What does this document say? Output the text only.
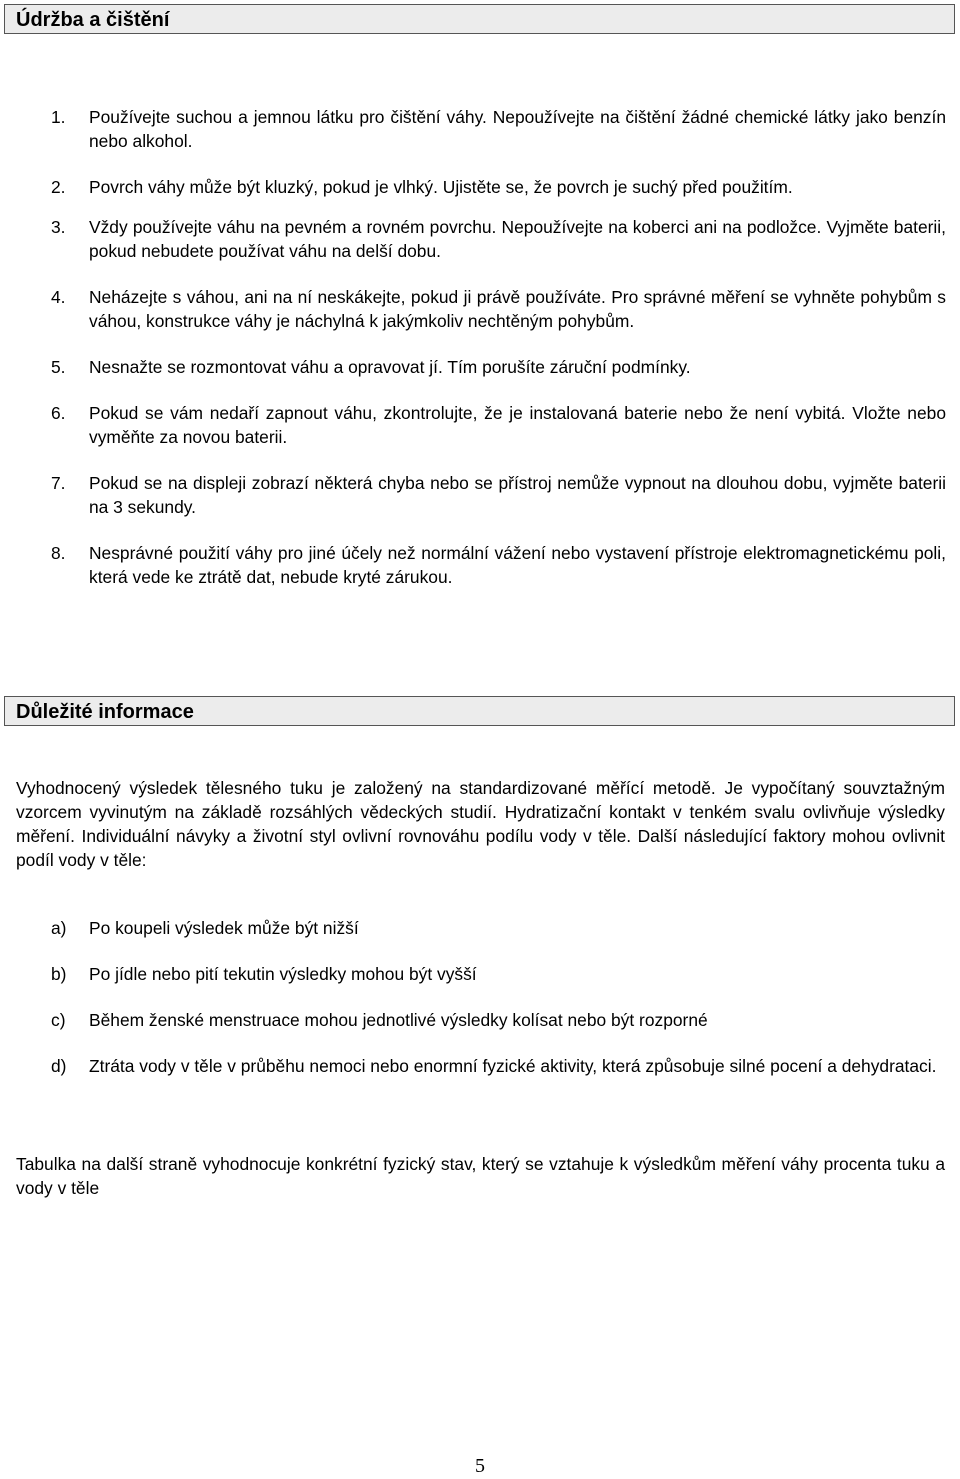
Údržba a čištění
1. Používejte suchou a jemnou látku pro čištění váhy. Nepoužívejte na čištění žádné chemické látky jako benzín nebo alkohol.
2. Povrch váhy může být kluzký, pokud je vlhký. Ujistěte se, že povrch je suchý před použitím.
3. Vždy používejte váhu na pevném a rovném povrchu. Nepoužívejte na koberci ani na podložce. Vyjměte baterii, pokud nebudete používat váhu na delší dobu.
4. Neházejte s váhou, ani na ní neskákejte, pokud ji právě používáte. Pro správné měření se vyhněte pohybům s váhou, konstrukce váhy je náchylná k jakýmkoliv nechtěným pohybům.
5. Nesnažte se rozmontovat váhu a opravovat jí. Tím porušíte záruční podmínky.
6. Pokud se vám nedaří zapnout váhu, zkontrolujte, že je instalovaná baterie nebo že není vybitá. Vložte nebo vyměňte za novou baterii.
7. Pokud se na displeji zobrazí některá chyba nebo se přístroj nemůže vypnout na dlouhou dobu, vyjměte baterii na 3 sekundy.
8. Nesprávné použití váhy pro jiné účely než normální vážení nebo vystavení přístroje elektromagnetickému poli, která vede ke ztrátě dat, nebude kryté zárukou.
Důležité informace

Vyhodnocený výsledek tělesného tuku je založený na standardizované měřící metodě. Je vypočítaný souvztažným vzorcem vyvinutým na základě rozsáhlých vědeckých studií. Hydratizační kontakt v tenkém svalu ovlivňuje výsledky měření. Individuální návyky a životní styl ovlivní rovnováhu podílu vody v těle. Další následující faktory mohou ovlivnit podíl vody v těle:

a) Po koupeli výsledek může být nižší
b) Po jídle nebo pití tekutin výsledky mohou být vyšší
c) Během ženské menstruace mohou jednotlivé výsledky kolísat nebo být rozporné
d) Ztráta vody v těle v průběhu nemoci nebo enormní fyzické aktivity, která způsobuje silné pocení a dehydrataci.

Tabulka na další straně vyhodnocuje konkrétní fyzický stav, který se vztahuje k výsledkům měření váhy procenta tuku a vody v těle

5
